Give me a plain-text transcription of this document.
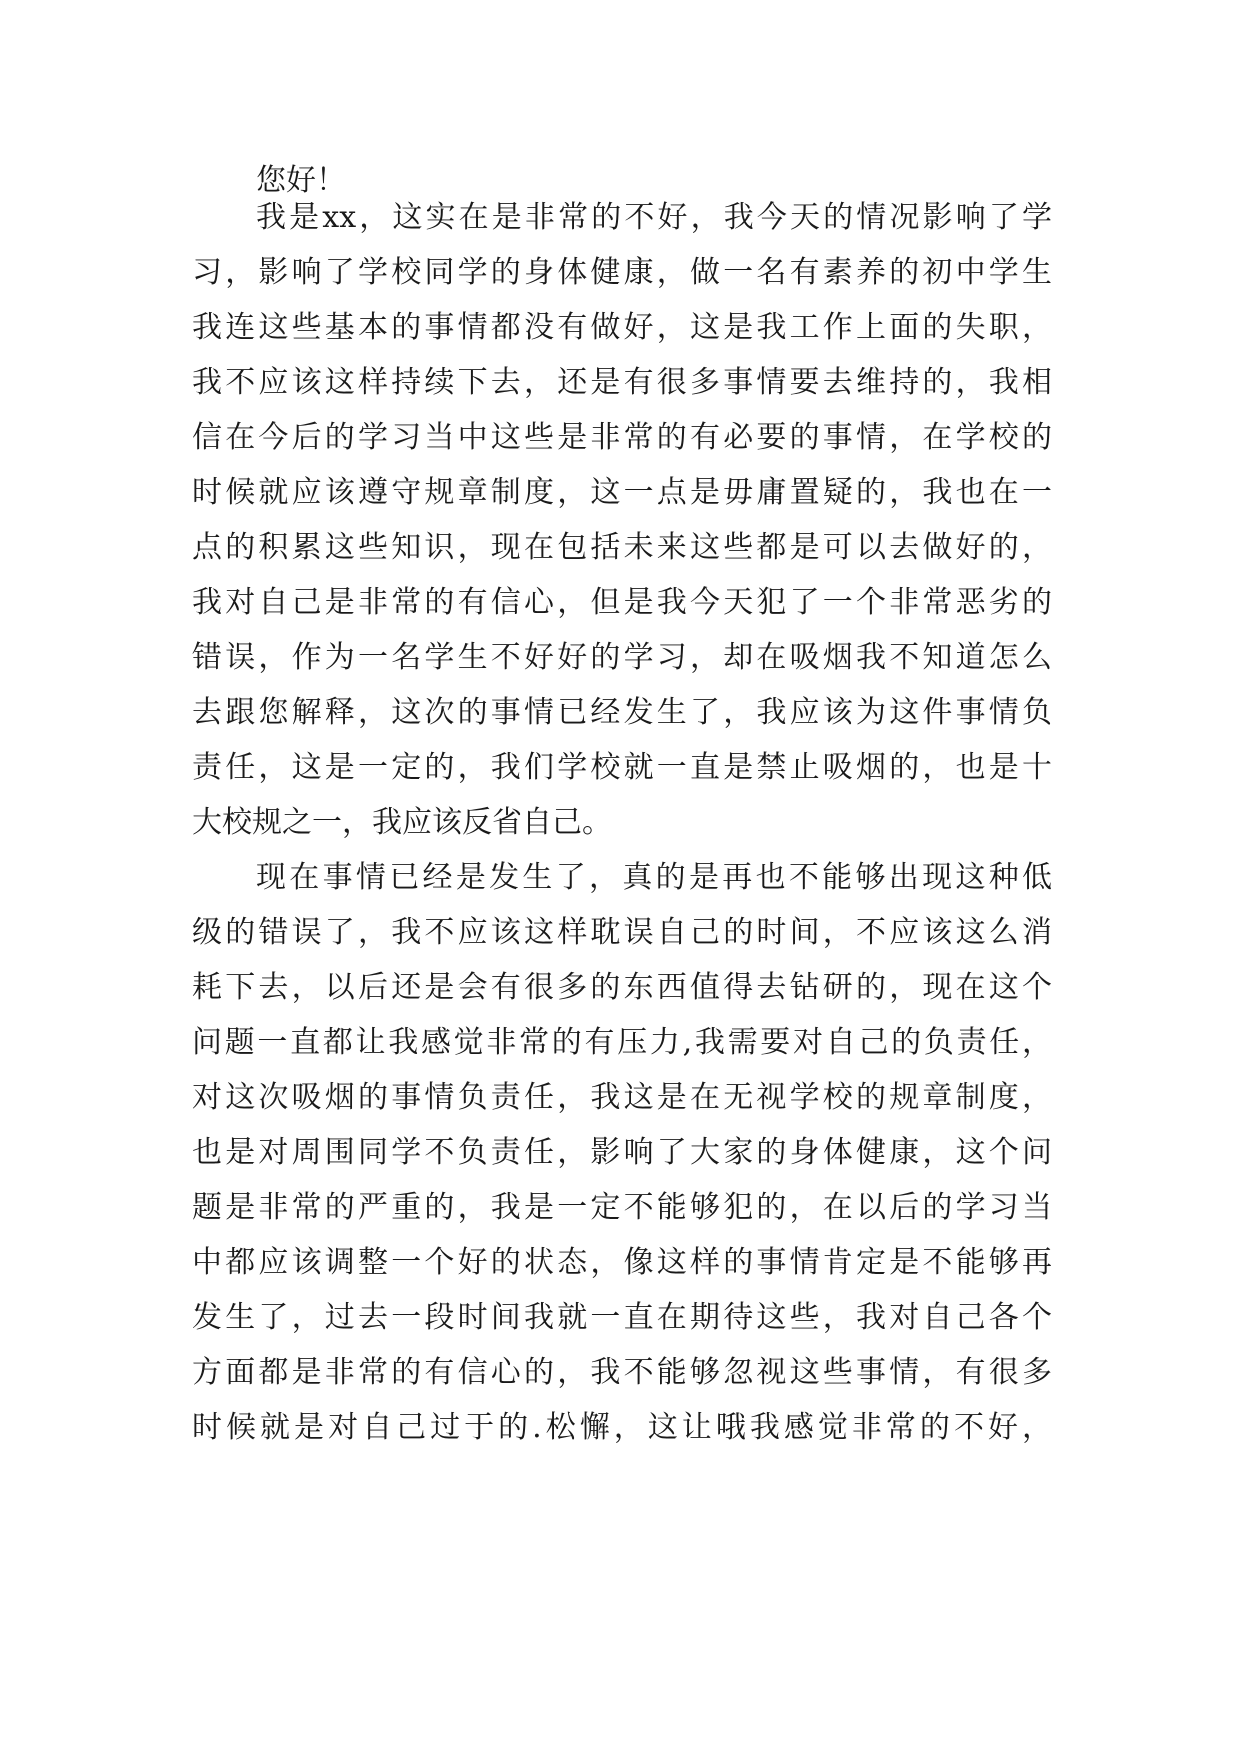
您好！
我是xx，这实在是非常的不好，我今天的情况影响了学
习，影响了学校同学的身体健康，做一名有素养的初中学生
我连这些基本的事情都没有做好，这是我工作上面的失职，
我不应该这样持续下去，还是有很多事情要去维持的，我相
信在今后的学习当中这些是非常的有必要的事情，在学校的
时候就应该遵守规章制度，这一点是毋庸置疑的，我也在一
点的积累这些知识，现在包括未来这些都是可以去做好的，
我对自己是非常的有信心，但是我今天犯了一个非常恶劣的
错误，作为一名学生不好好的学习，却在吸烟我不知道怎么
去跟您解释，这次的事情已经发生了，我应该为这件事情负
责任，这是一定的，我们学校就一直是禁止吸烟的，也是十
大校规之一，我应该反省自己。
现在事情已经是发生了，真的是再也不能够出现这种低
级的错误了，我不应该这样耽误自己的时间，不应该这么消
耗下去，以后还是会有很多的东西值得去钻研的，现在这个
问题一直都让我感觉非常的有压力,我需要对自己的负责任，
对这次吸烟的事情负责任，我这是在无视学校的规章制度，
也是对周围同学不负责任，影响了大家的身体健康，这个问
题是非常的严重的，我是一定不能够犯的，在以后的学习当
中都应该调整一个好的状态，像这样的事情肯定是不能够再
发生了，过去一段时间我就一直在期待这些，我对自己各个
方面都是非常的有信心的，我不能够忽视这些事情，有很多
时候就是对自己过于的.松懈，这让哦我感觉非常的不好，
